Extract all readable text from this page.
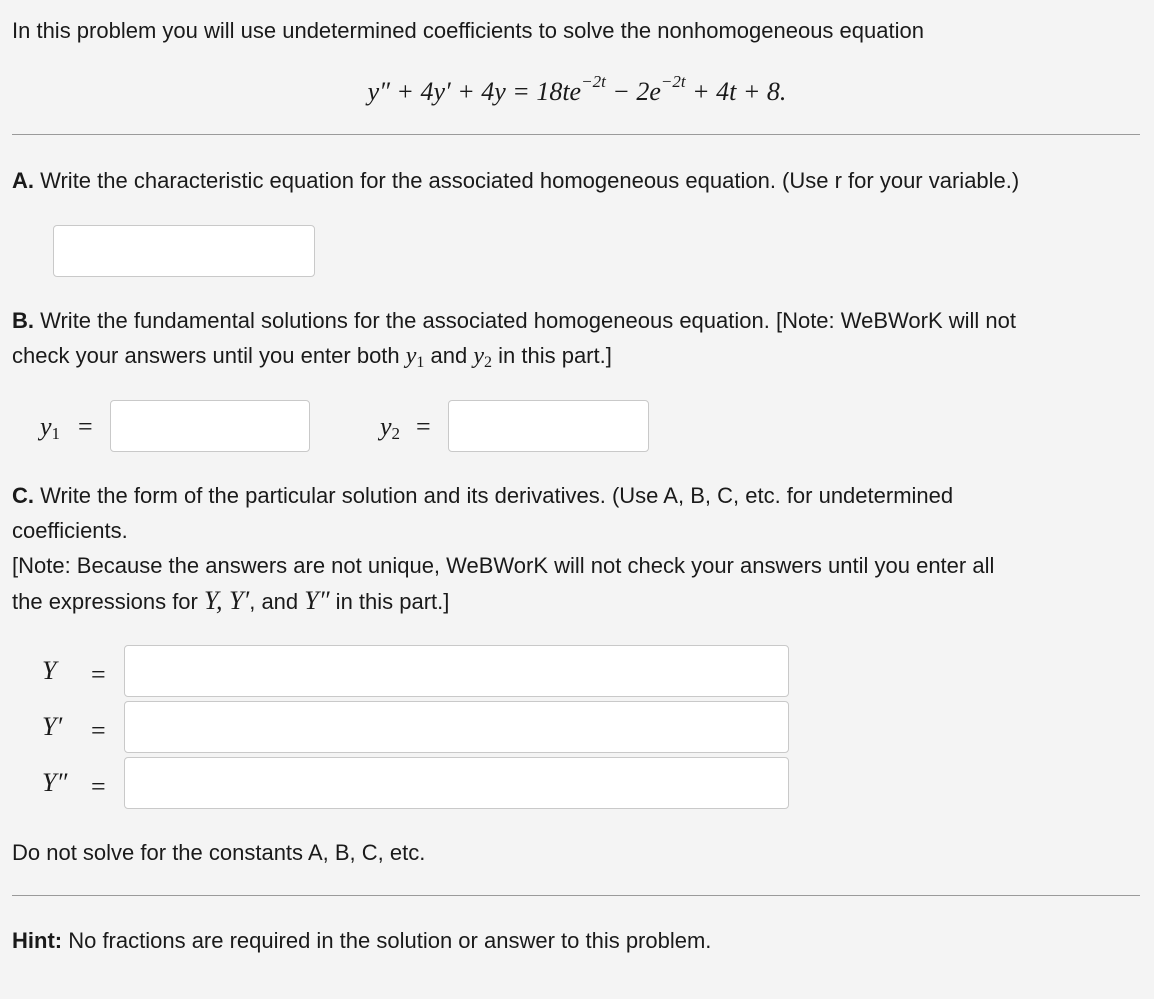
In this problem you will use undetermined coefficients to solve the nonhomogeneous equation
$y'' + 4y' + 4y = 18te^{-2t} - 2e^{-2t} + 4t + 8$.
A. Write the characteristic equation for the associated homogeneous equation. (Use r for your variable.)
B. Write the fundamental solutions for the associated homogeneous equation. [Note: WeBWorK will not
check your answers until you enter both y1 and y2 in this part.]
$y_1$ =	$y_2$ =
C. Write the form of the particular solution and its derivatives. (Use A, B, C, etc. for undetermined
coefficients.
[Note: Because the answers are not unique, WeBWorK will not check your answers until you enter all
the expressions for Y, Y′, and Y″ in this part.]
Y =
Y′ =
Y″ =
Do not solve for the constants A, B, C, etc.
Hint: No fractions are required in the solution or answer to this problem.
